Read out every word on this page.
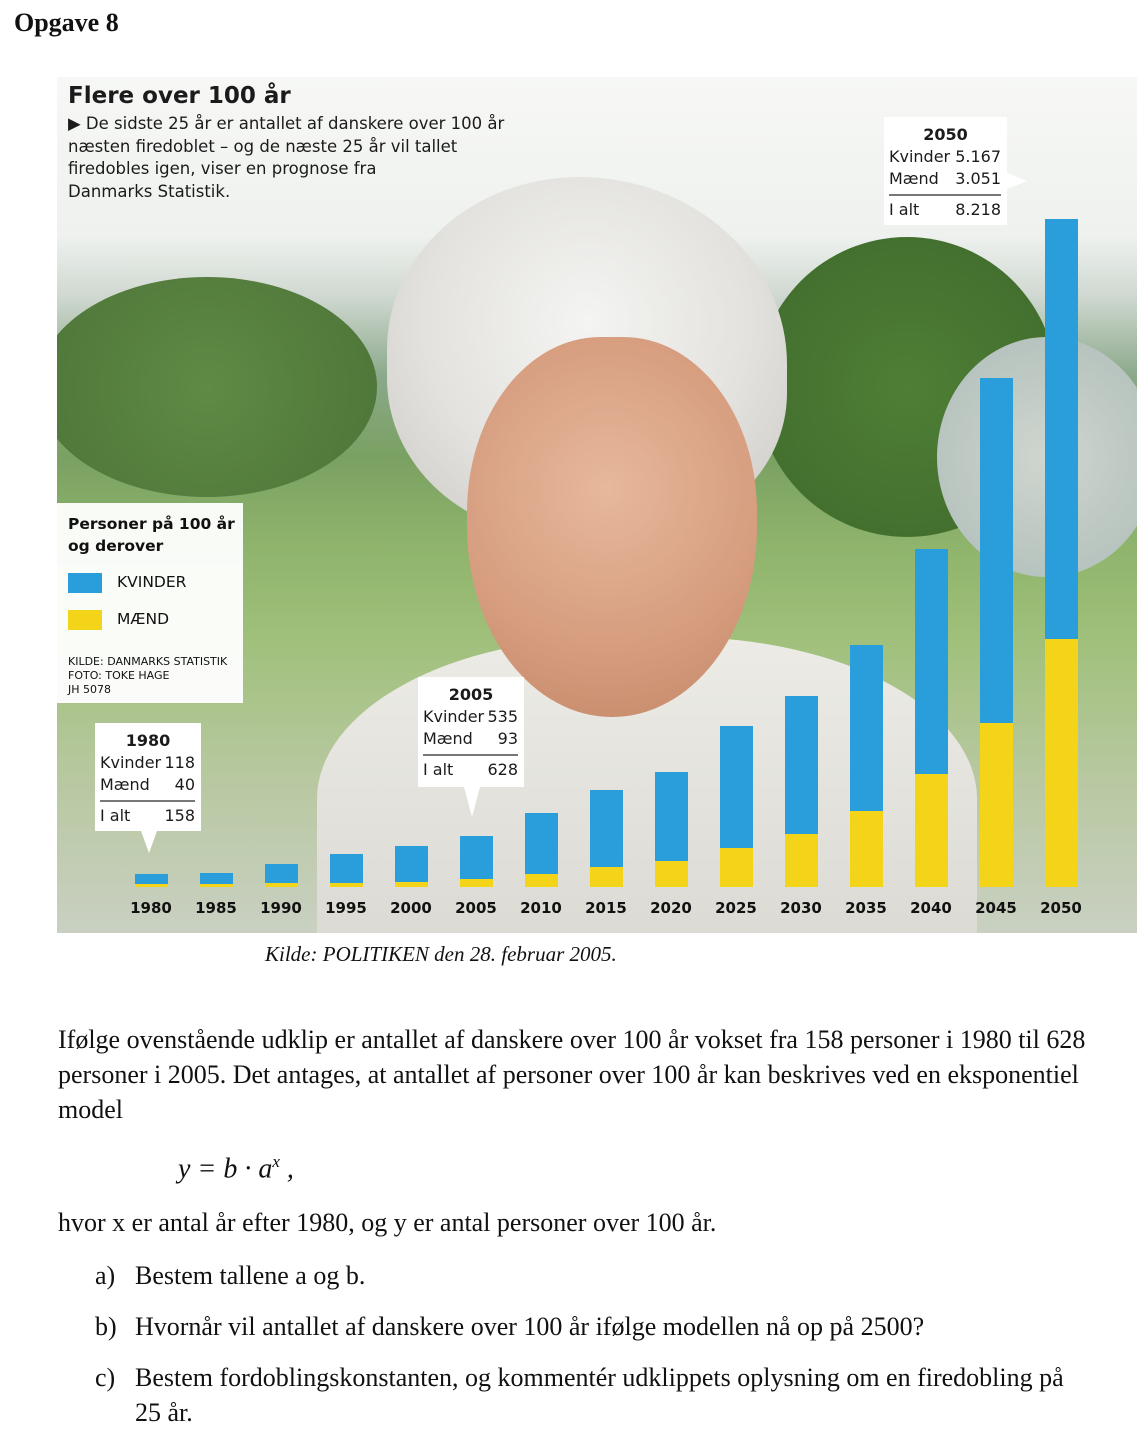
Opgave 8
Flere over 100 år
▶ De sidste 25 år er antallet af danskere over 100 år
næsten firedoblet – og de næste 25 år vil tallet
firedobles igen, viser en prognose fra
Danmarks Statistik.
Personer på 100 år
og derover
KVINDER
MÆND
KILDE: DANMARKS STATISTIK
FOTO: TOKE HAGE
JH 5078
1980	1985	1990	1995	2000	2005	2010	2015	2020	2025	2030	2035	2040	2045	2050
1980
Kvinder 118
Mænd 40
I alt 158
2005
Kvinder 535
Mænd 93
I alt 628
2050
Kvinder 5.167
Mænd 3.051
I alt 8.218
Kilde: POLITIKEN den 28. februar 2005.
Ifølge ovenstående udklip er antallet af danskere over 100 år vokset fra 158 personer i 1980 til 628 personer i 2005. Det antages, at antallet af personer over 100 år kan beskrives ved en eksponentiel model
$y = b \cdot a^x$ ,
hvor x er antal år efter 1980, og y er antal personer over 100 år.
a) Bestem tallene a og b.
b) Hvornår vil antallet af danskere over 100 år ifølge modellen nå op på 2500?
c) Bestem fordoblingskonstanten, og kommentér udklippets oplysning om en firedobling på 25 år.
